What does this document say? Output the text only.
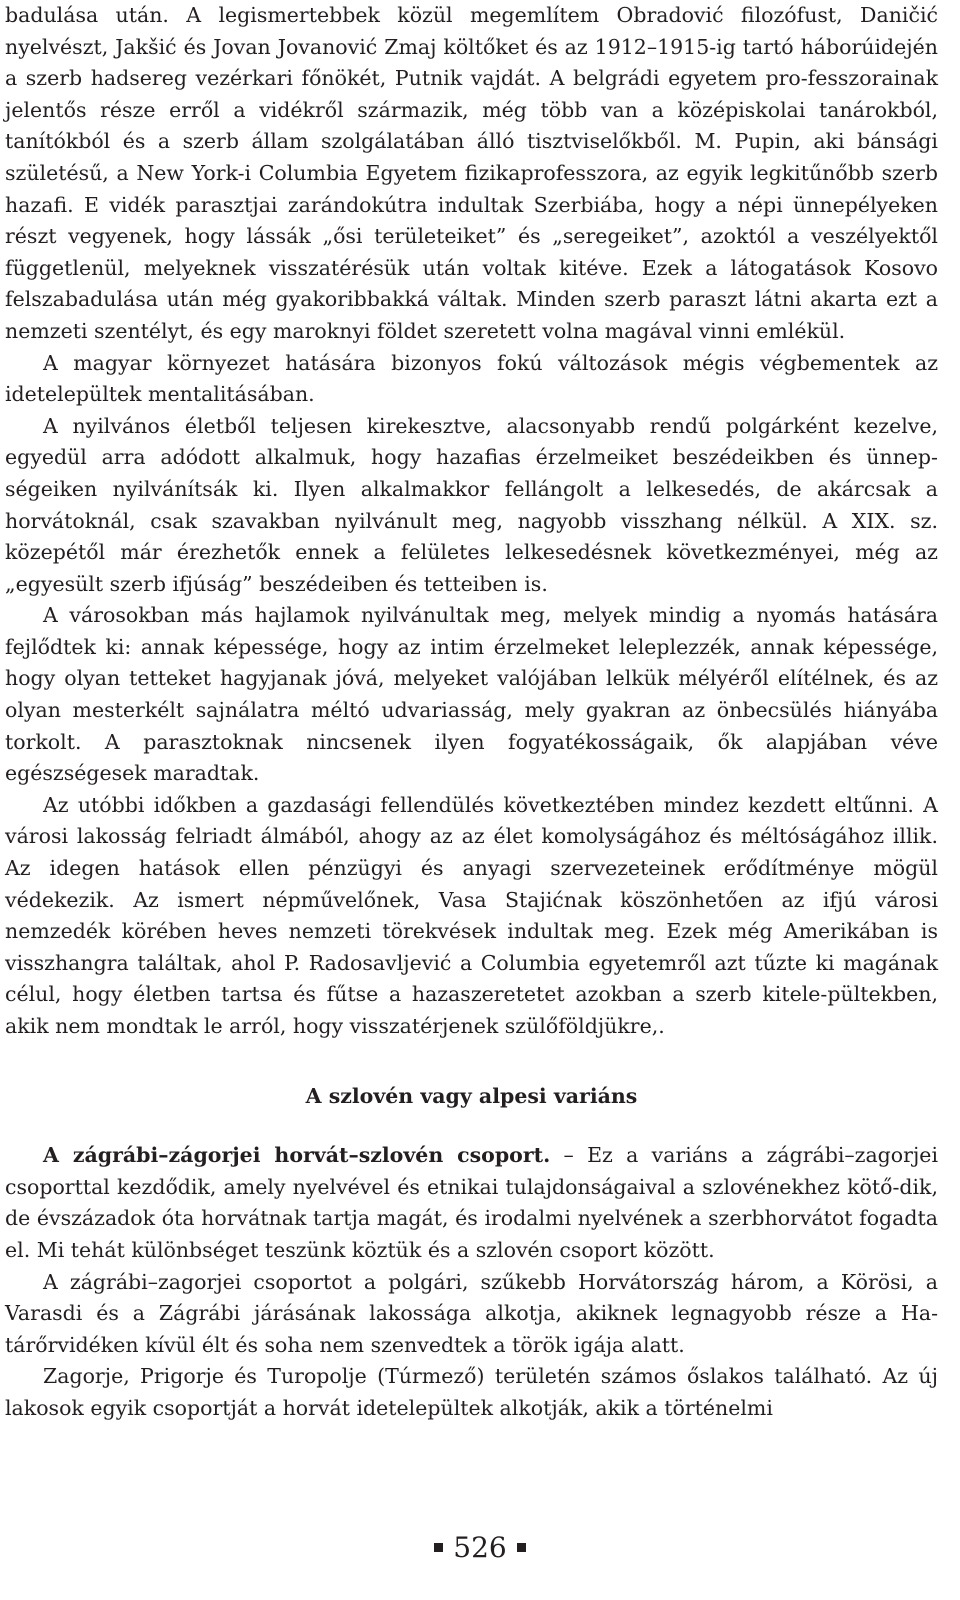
badulása után. A legismertebbek közül megemlítem Obradović filozófust, Daničić nyelvészt, Jakšić és Jovan Jovanović Zmaj költőket és az 1912–1915-ig tartó háborúidején a szerb hadsereg vezérkari főnökét, Putnik vajdát. A belgrádi egyetem pro-fesszorainak jelentős része erről a vidékről származik, még több van a középiskolai tanárokból, tanítókból és a szerb állam szolgálatában álló tisztviselőkből. M. Pupin, aki bánsági születésű, a New York-i Columbia Egyetem fizikaprofesszora, az egyik legkitűnőbb szerb hazafi. E vidék parasztjai zarándokútra indultak Szerbiába, hogy a népi ünnepélyeken részt vegyenek, hogy lássák „ősi területeiket” és „seregeiket”, azoktól a veszélyektől függetlenül, melyeknek visszatérésük után voltak kitéve. Ezek a látogatások Kosovo felszabadulása után még gyakoribbakká váltak. Minden szerb paraszt látni akarta ezt a nemzeti szentélyt, és egy maroknyi földet szeretett volna magával vinni emlékül.

A magyar környezet hatására bizonyos fokú változások mégis végbementek az idetelepültek mentalitásában.

A nyilvános életből teljesen kirekesztve, alacsonyabb rendű polgárként kezelve, egyedül arra adódott alkalmuk, hogy hazafias érzelmeiket beszédeikben és ünnep-ségeiken nyilvánítsák ki. Ilyen alkalmakkor fellángolt a lelkesedés, de akárcsak a horvátoknál, csak szavakban nyilvánult meg, nagyobb visszhang nélkül. A XIX. sz. közepétől már érezhetők ennek a felületes lelkesedésnek következményei, még az „egyesült szerb ifjúság” beszédeiben és tetteiben is.

A városokban más hajlamok nyilvánultak meg, melyek mindig a nyomás hatására fejlődtek ki: annak képessége, hogy az intim érzelmeket leleplezzék, annak képessége, hogy olyan tetteket hagyjanak jóvá, melyeket valójában lelkük mélyéről elítélnek, és az olyan mesterkélt sajnálatra méltó udvariasság, mely gyakran az önbecsülés hiányába torkolt. A parasztoknak nincsenek ilyen fogyatékosságaik, ők alapjában véve egészségesek maradtak.

Az utóbbi időkben a gazdasági fellendülés következtében mindez kezdett eltűnni. A városi lakosság felriadt álmából, ahogy az az élet komolyságához és méltóságához illik. Az idegen hatások ellen pénzügyi és anyagi szervezeteinek erődítménye mögül védekezik. Az ismert népművelőnek, Vasa Stajićnak köszönhetően az ifjú városi nemzedék körében heves nemzeti törekvések indultak meg. Ezek még Amerikában is visszhangra találtak, ahol P. Radosavljević a Columbia egyetemről azt tűzte ki magának célul, hogy életben tartsa és fűtse a hazaszeretetet azokban a szerb kitele-pültekben, akik nem mondtak le arról, hogy visszatérjenek szülőföldjükre,.

A szlovén vagy alpesi variáns

A zágrábi–zágorjei horvát–szlovén csoport. – Ez a variáns a zágrábi–zagorjei csoporttal kezdődik, amely nyelvével és etnikai tulajdonságaival a szlovénekhez kötő-dik, de évszázadok óta horvátnak tartja magát, és irodalmi nyelvének a szerbhorvátot fogadta el. Mi tehát különbséget teszünk köztük és a szlovén csoport között.

A zágrábi–zagorjei csoportot a polgári, szűkebb Horvátország három, a Körösi, a Varasdi és a Zágrábi járásának lakossága alkotja, akiknek legnagyobb része a Ha-tárőrvidéken kívül élt és soha nem szenvedtek a török igája alatt.

Zagorje, Prigorje és Turopolje (Túrmező) területén számos őslakos található. Az új lakosok egyik csoportját a horvát idetelepültek alkotják, akik a történelmi

526
